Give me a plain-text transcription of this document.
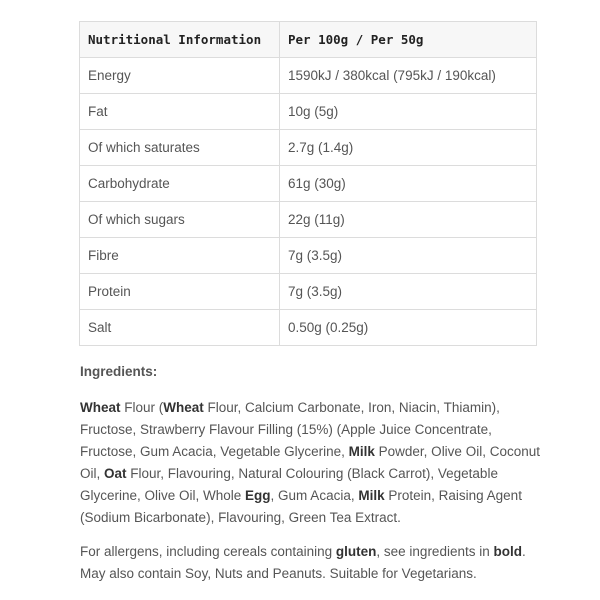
Nutritional Information	Per 100g / Per 50g
Energy	1590kJ / 380kcal (795kJ / 190kcal)
Fat	10g (5g)
Of which saturates	2.7g (1.4g)
Carbohydrate	61g (30g)
Of which sugars	22g (11g)
Fibre	7g (3.5g)
Protein	7g (3.5g)
Salt	0.50g (0.25g)
Ingredients:
Wheat Flour (Wheat Flour, Calcium Carbonate, Iron, Niacin, Thiamin), Fructose, Strawberry Flavour Filling (15%) (Apple Juice Concentrate, Fructose, Gum Acacia, Vegetable Glycerine, Milk Powder, Olive Oil, Coconut Oil, Oat Flour, Flavouring, Natural Colouring (Black Carrot), Vegetable Glycerine, Olive Oil, Whole Egg, Gum Acacia, Milk Protein, Raising Agent (Sodium Bicarbonate), Flavouring, Green Tea Extract.
For allergens, including cereals containing gluten, see ingredients in bold. May also contain Soy, Nuts and Peanuts. Suitable for Vegetarians.
